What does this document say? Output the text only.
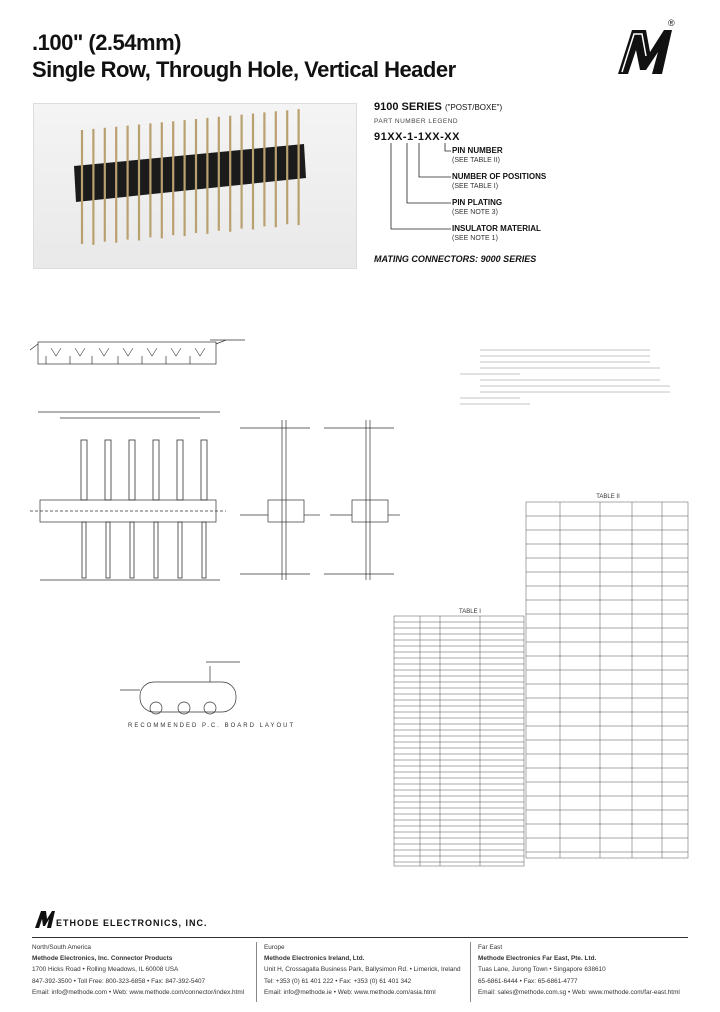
.100" (2.54mm)
Single Row, Through Hole, Vertical Header
®
9100 SERIES ("POST/BOXE")
PART NUMBER LEGEND
91XX-1-1XX-XX
PIN NUMBER
(SEE TABLE II)
NUMBER OF POSITIONS
(SEE TABLE I)
PIN PLATING
(SEE NOTE 3)
INSULATOR MATERIAL
(SEE NOTE 1)
MATING CONNECTORS: 9000 SERIES
TABLE I
TABLE II
RECOMMENDED P.C. BOARD LAYOUT
ETHODE ELECTRONICS, INC.
North/South America
Methode Electronics, Inc. Connector Products
1700 Hicks Road • Rolling Meadows, IL 60008 USA
847-392-3500 • Toll Free: 800-323-6858 • Fax: 847-392-5407
Email: info@methode.com • Web: www.methode.com/connector/index.html
Europe
Methode Electronics Ireland, Ltd.
Unit H, Crossagalla Business Park, Ballysimon Rd. • Limerick, Ireland
Tel: +353 (0) 61 401 222 • Fax: +353 (0) 61 401 342
Email: info@methode.ie • Web: www.methode.com/asia.html
Far East
Methode Electronics Far East, Pte. Ltd.
Tuas Lane, Jurong Town • Singapore 638610
65-6861-6444 • Fax: 65-6861-4777
Email: sales@methode.com.sg • Web: www.methode.com/far-east.html
